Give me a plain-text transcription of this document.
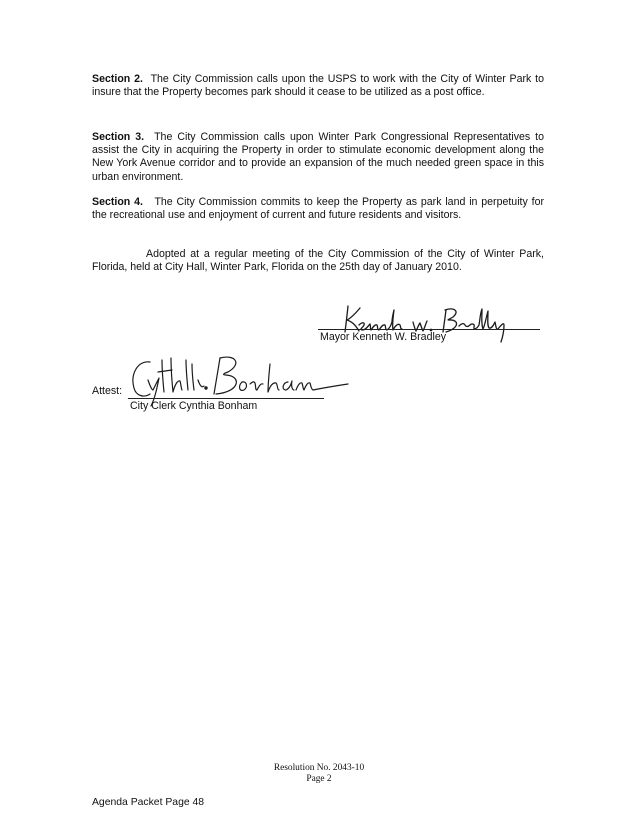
Section 2. The City Commission calls upon the USPS to work with the City of Winter Park to insure that the Property becomes park should it cease to be utilized as a post office.

Section 3. The City Commission calls upon Winter Park Congressional Representatives to assist the City in acquiring the Property in order to stimulate economic development along the New York Avenue corridor and to provide an expansion of the much needed green space in this urban environment.

Section 4. The City Commission commits to keep the Property as park land in perpetuity for the recreational use and enjoyment of current and future residents and visitors.

Adopted at a regular meeting of the City Commission of the City of Winter Park, Florida, held at City Hall, Winter Park, Florida on the 25th day of January 2010.

Mayor Kenneth W. Bradley
Attest:
City Clerk Cynthia Bonham
Resolution No. 2043-10
Page 2
Agenda Packet Page 48
